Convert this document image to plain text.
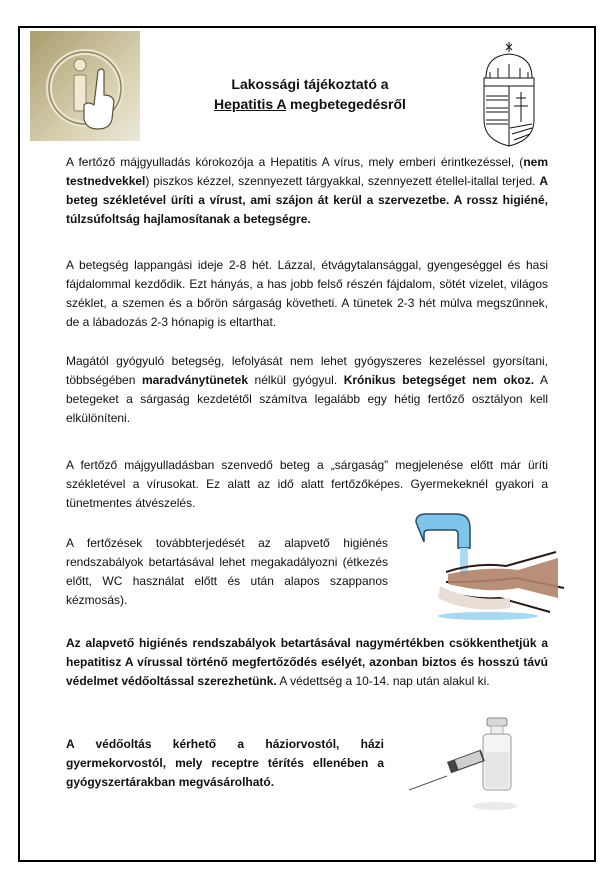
Lakossági tájékoztató a
Hepatitis A megbetegedésről

A fertőző májgyulladás kórokozója a Hepatitis A vírus, mely emberi érintkezéssel, (nem testnedvekkel) piszkos kézzel, szennyezett tárgyakkal, szennyezett étellel-itallal terjed. A beteg székletével üríti a vírust, ami szájon át kerül a szervezetbe. A rossz higiéné, túlzsúfoltság hajlamosítanak a betegségre.

A betegség lappangási ideje 2-8 hét. Lázzal, étvágytalansággal, gyengeséggel és hasi fájdalommal kezdődik. Ezt hányás, a has jobb felső részén fájdalom, sötét vizelet, világos széklet, a szemen és a bőrön sárgaság követheti. A tünetek 2-3 hét múlva megszűnnek, de a lábadozás 2-3 hónapig is eltarthat.

Magától gyógyuló betegség, lefolyását nem lehet gyógyszeres kezeléssel gyorsítani, többségében maradványtünetek nélkül gyógyul. Krónikus betegséget nem okoz. A betegeket a sárgaság kezdetétől számítva legalább egy hétig fertőző osztályon kell elkülöníteni.

A fertőző májgyulladásban szenvedő beteg a „sárgaság” megjelenése előtt már üríti székletével a vírusokat. Ez alatt az idő alatt fertőzőképes. Gyermekeknél gyakori a tünetmentes átvészelés.

A fertőzések továbbterjedését az alapvető higiénés rendszabályok betartásával lehet megakadályozni (étkezés előtt, WC használat előtt és után alapos szappanos kézmosás).

Az alapvető higiénés rendszabályok betartásával nagymértékben csökkenthetjük a hepatitisz A vírussal történő megfertőződés esélyét, azonban biztos és hosszú távú védelmet védőoltással szerezhetünk. A védettség a 10-14. nap után alakul ki.

A védőoltás kérhető a háziorvostól, házi gyermekorvostól, mely receptre térítés ellenében a gyógyszertárakban megvásárolható.
